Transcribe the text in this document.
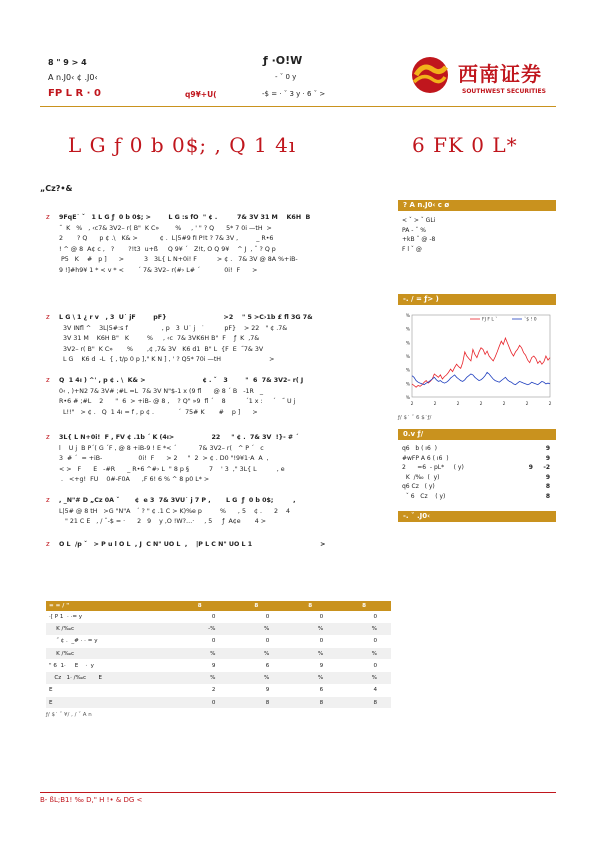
8 " 9 > 4
A n.J0‹ ¢ .J0‹
FP L R · 0
ƒ ·O!W
- ˇ 0 y
-$ = · ˇ 3 y · 6 ˇ >
q9¥+U(
西南证券
SOUTHWEST SECURITIES
L G ƒ 0 b 0$; , Q 1 4ı	6 FK 0 L*
„Cz?•&
z 9FqE˙ ˇ   1 L G ƒ  0 b 0$; >        L G :s fO  " ¢ .         7& 3V 31 M    K6H  B
˝  K   %   , ‹c7& 3V2– r( B"  K C»        %     , ' " ? Q      5* 7 0i —tH  >
2       ? Q      p ¢ .\   K& >           ¢ .  L|5#9 fI P!t ? 7& 3V ,         _ R•6
! ^ @ 8  A¢ c ,   ?       ?!t3  u+ß     Q 9¥ ´   Z!t, O Q 9¥    ^ J  , ˇ ? Q p
P5   K    #   p ]      >          3   3L{ L N+0i! F          > ¢ .   7& 3V @ 8A %+iB-
9 !]#h9¥ 1 * < v * <       ´ 7& 3V2– r(#› L# ´            0i!  F      >
z L G \ 1 ¿ r v   , 3  U˙ jF        pF}                          >2    " 5 >C›1b £ fl 3G 7&
3V INfl ^    3L|5#:s f                 , p   3  U˙ j   ˙          pF}    > 22   " ¢ .7&
3V 31 M    K6H B"   K         %     , ‹c  7& 3VK6H B"  F    ƒ  K  ,7&
3V2– r( B"  K C»       %       ,¢ ,7& 3V   K6 d1  B" L  {F  E  ˝7& 3V
L G    K6 d  -L  { , t/p 0 p ]," K N ] , ' ? Q5* 70i —tH                        >
z Q  1 4ı ) ^' , p ¢ . \  K& >                          ¢ . ˇ   3        "  6  7& 3V2– r( J
0‹ , )+N2 7& 3V# ;#L =L  7& 3V N"$-1 x (9 fl      @ 8 ´ B   -1R   _
R•6 # ;#L    2      "  6  > +iB- @ 8 ,    ? Q" »9  fl ´    8          ´1 x :     ´   ˝ U j
L!!"   > ¢ .   Q  1 4ı = f , p ¢ .            ´  75# K       #    p ]      >
z 3L{ L N+0i!  F , FV ¢ .1b ´ K (4ı>                 22     " ¢ .  7& 3V  !}- # ´
l    U j  B P´( G ´F , @ 8 +iB-9 ! E *< ´           7& 3V2– r(   ^ P ´   c
3  # ´  = +iB-                  0i!  F      > 2     "  2  > ¢ . D0 "!9¥1·A  A  ,
< >   F      E   -#R      _ R•6 ^#› L  " 8 p §          7    ' 3  ," 3L{ L          , e
.   <+g!  FU    0#-F0A      ,F 6! 6 % ^ 8 p0 L* >
z , _N"# D „Cz 0A ˇ       ¢  e 3  7& 3VU˙ j 7 P ,       L G  ƒ  0 b 0$;         ,
L|5# @ 8 tH   >G "N"A   ´ ? " ¢ .1 C > K)%e p         %      , 5    ¢ .      2    4
" 21 C E   , / ˇ-$ = ·      2   9    y ,O !W?…·     , 5     ƒ  A¢e       4 >
z O L  /p ˇ   > P u l O L  , J  C N" UO L  ,    |P L C N" UO L 1                               >
= = / "	8	8	8	8
·[ P 1  · ·= y	0	0	0	0
K /‰c	-%	%	%	%
˝ ¢ .  _# · · = y	0	0	0	0
K /‰c	%	%	%	%
" 6  1·     E    ·  y	9	6	9	0
Cz   1· /‰c       E	%	%	%	%
E	2	9	6	4
E	0	8	8	8
ƒ/ $˙ ˇ ¥/ , / ˇ A n
? A n.J0‹ c ø
< ˇ > ˇ GLi
PA - ˇ %
+kB ˇ @ -8
F l ˇ @
-. / = ƒ> )
%
%
%
%
%
%
%
2	2	2	2	2	2	2
FJ F L ˇ	ˇ$ ! 0
ƒ/ $˙ ˇ 6 $˙ƒ/
0.v ƒ/
q6   b ( ı6  )	9
#wFP A 6 ( ı6  )	9
2      =6  - pL*     ( y)	9     -2
K  /‰  (  y)	9
q6 Cz   ( y)	8
ˇ 6   Cz    ( y)	8
-. ˇ .J0‹
B- ßL;B1! ‰ D," H !• & DG <
